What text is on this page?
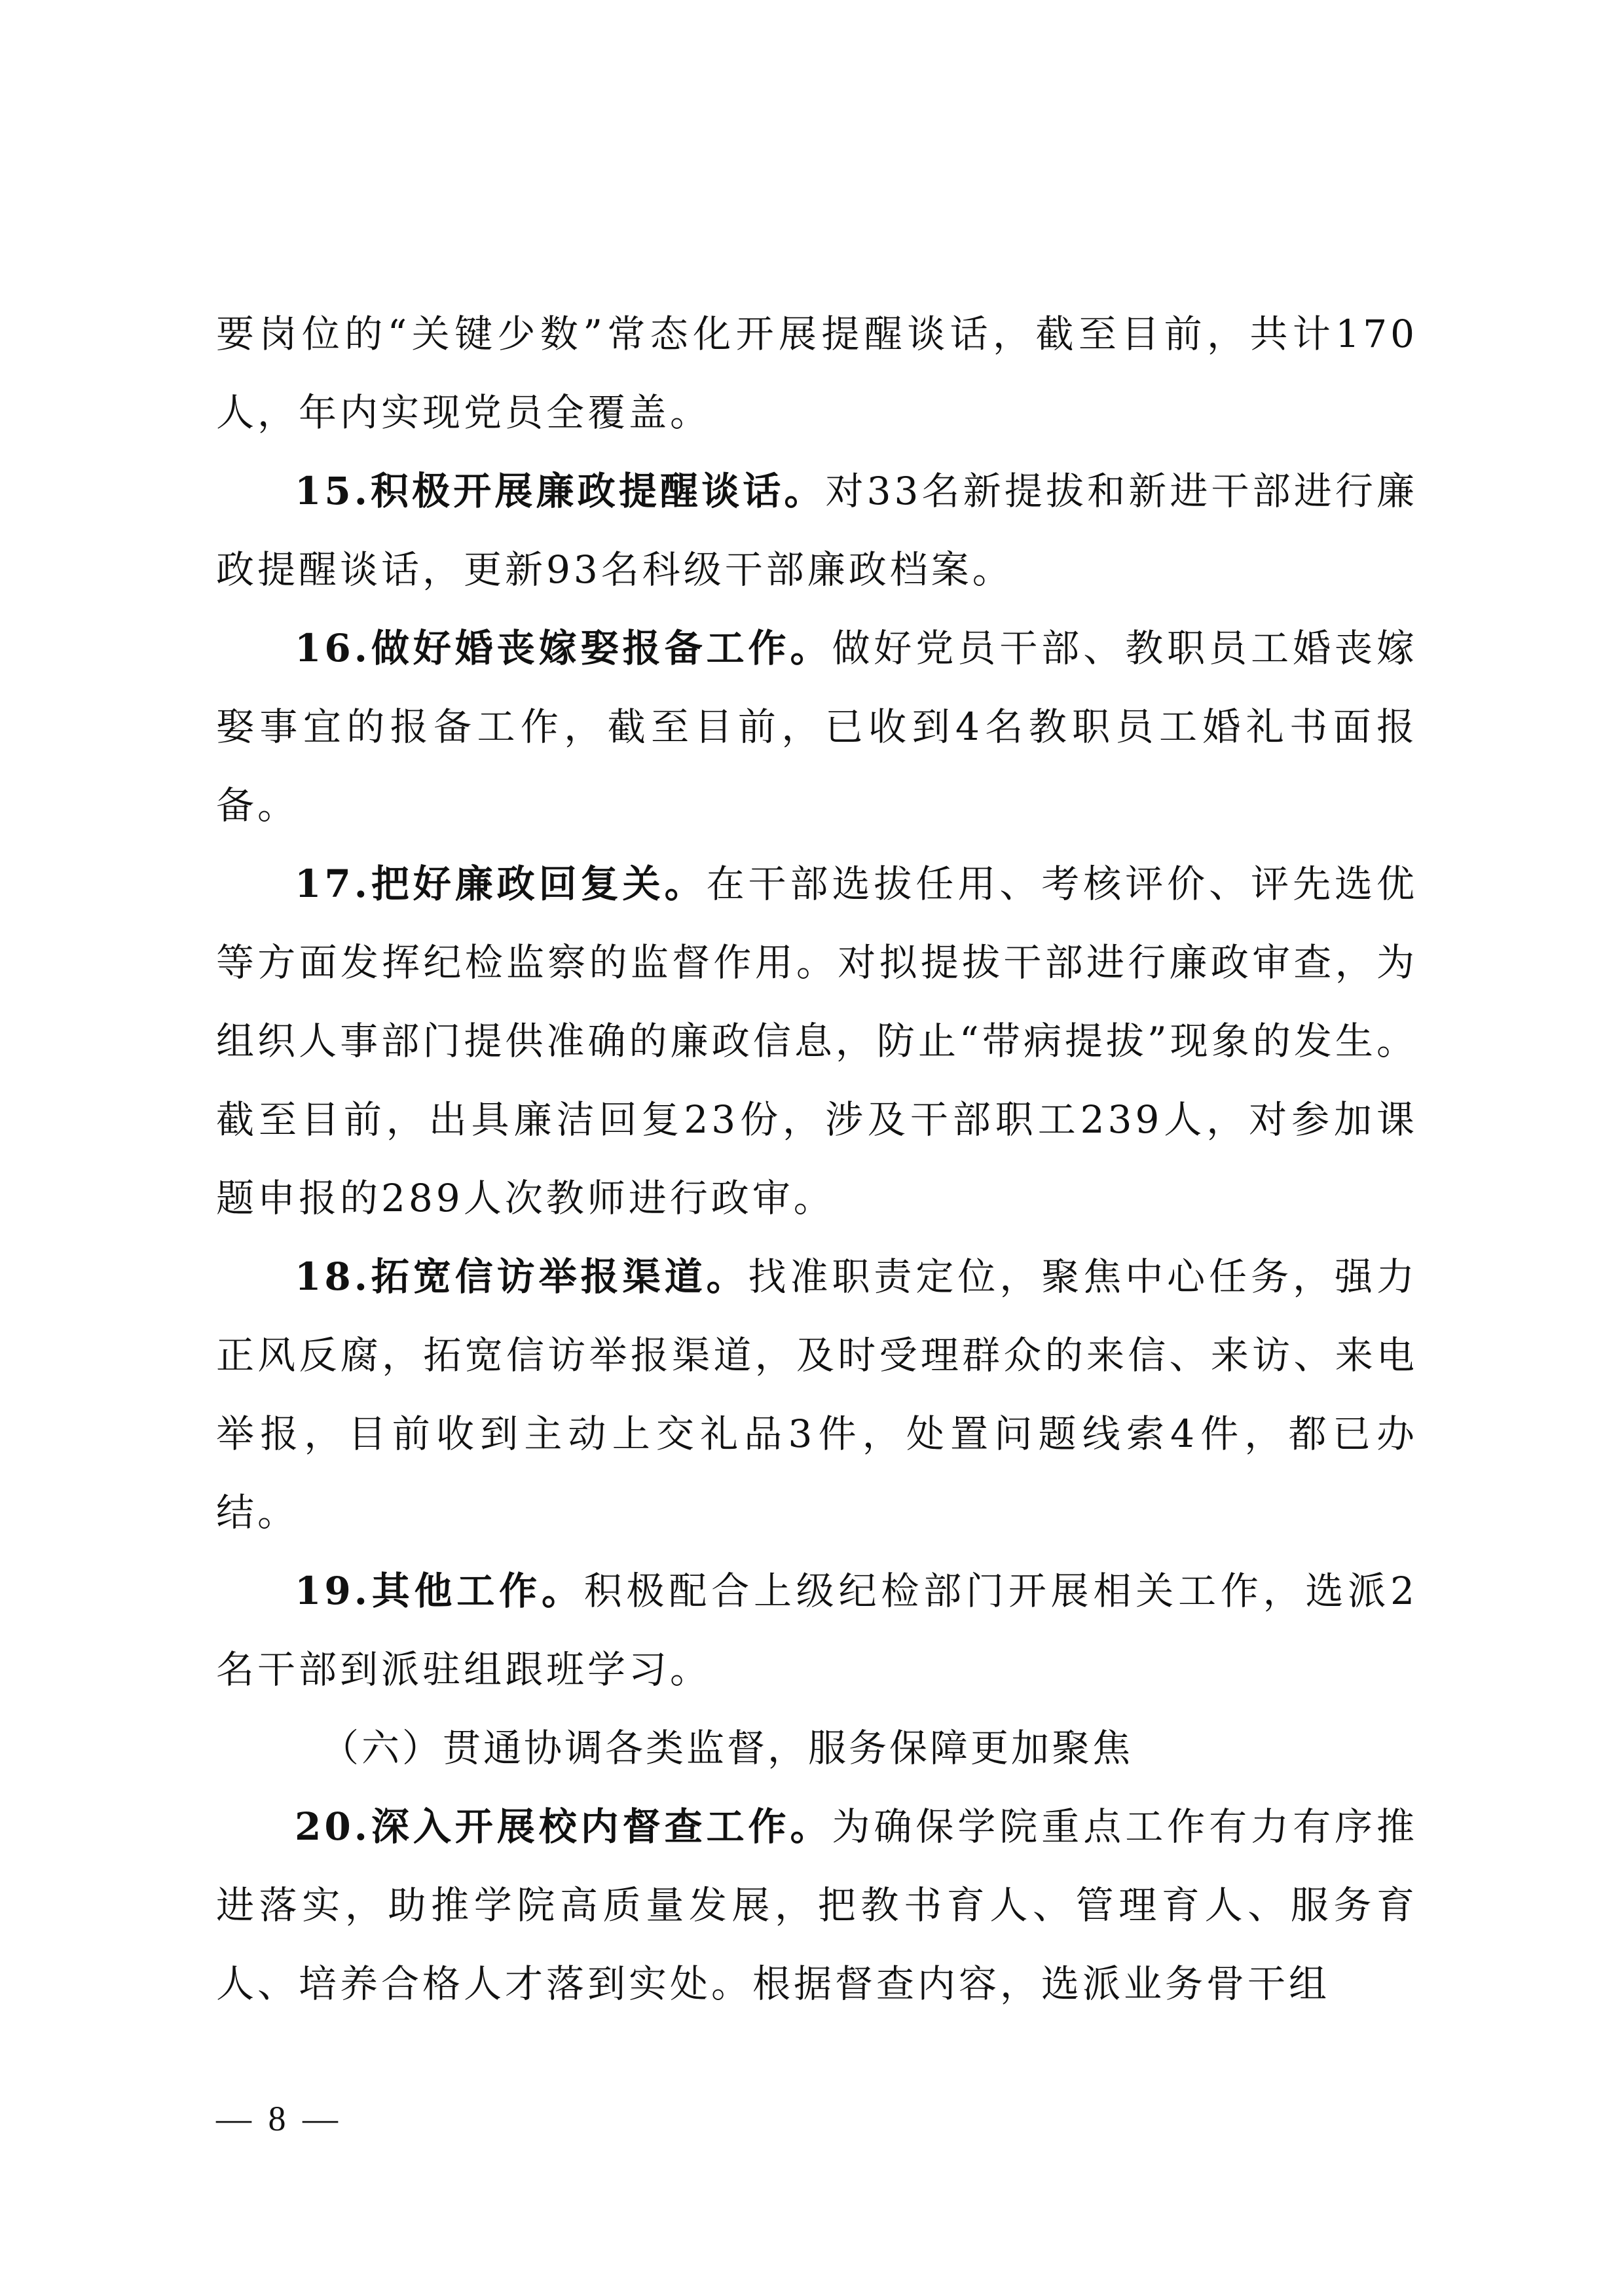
要岗位的“关键少数”常态化开展提醒谈话，截至目前，共计170人，年内实现党员全覆盖。

15.积极开展廉政提醒谈话。对33名新提拔和新进干部进行廉政提醒谈话，更新93名科级干部廉政档案。

16.做好婚丧嫁娶报备工作。做好党员干部、教职员工婚丧嫁娶事宜的报备工作，截至目前，已收到4名教职员工婚礼书面报备。

17.把好廉政回复关。在干部选拔任用、考核评价、评先选优等方面发挥纪检监察的监督作用。对拟提拔干部进行廉政审查，为组织人事部门提供准确的廉政信息，防止“带病提拔”现象的发生。截至目前，出具廉洁回复23份，涉及干部职工239人，对参加课题申报的289人次教师进行政审。

18.拓宽信访举报渠道。找准职责定位，聚焦中心任务，强力正风反腐，拓宽信访举报渠道，及时受理群众的来信、来访、来电举报，目前收到主动上交礼品3件，处置问题线索4件，都已办结。

19.其他工作。积极配合上级纪检部门开展相关工作，选派2名干部到派驻组跟班学习。

（六）贯通协调各类监督，服务保障更加聚焦

20.深入开展校内督查工作。为确保学院重点工作有力有序推进落实，助推学院高质量发展，把教书育人、管理育人、服务育人、培养合格人才落到实处。根据督查内容，选派业务骨干组

— 8 —
